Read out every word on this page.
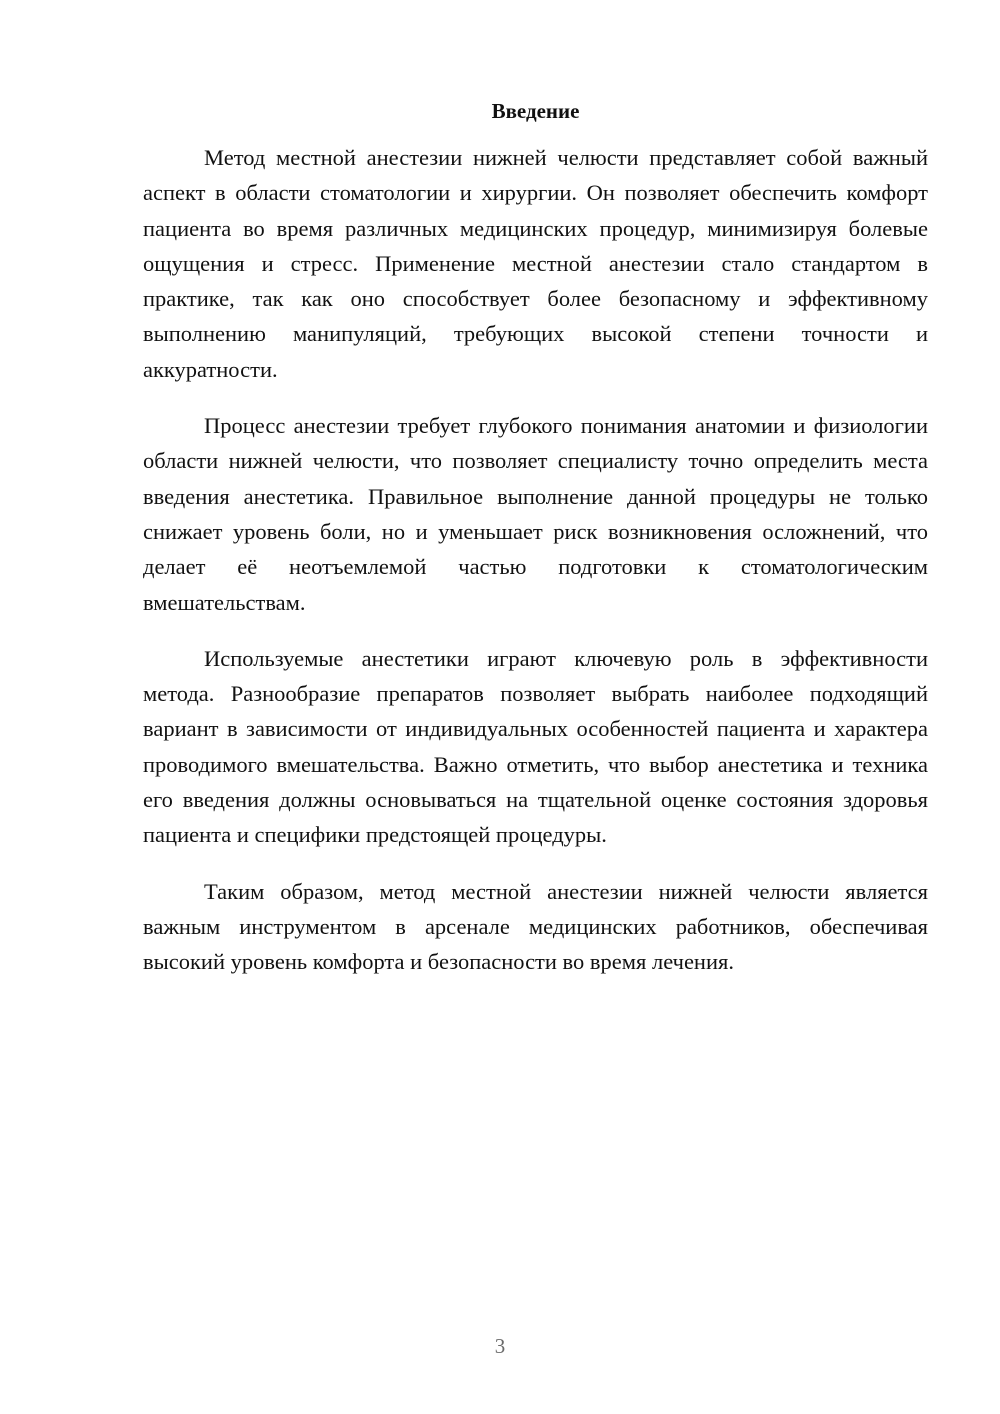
Введение

Метод местной анестезии нижней челюсти представляет собой важный аспект в области стоматологии и хирургии. Он позволяет обеспечить комфорт пациента во время различных медицинских процедур, минимизируя болевые ощущения и стресс. Применение местной анестезии стало стандартом в практике, так как оно способствует более безопасному и эффективному выполнению манипуляций, требующих высокой степени точности и аккуратности.

Процесс анестезии требует глубокого понимания анатомии и физиологии области нижней челюсти, что позволяет специалисту точно определить места введения анестетика. Правильное выполнение данной процедуры не только снижает уровень боли, но и уменьшает риск возникновения осложнений, что делает её неотъемлемой частью подготовки к стоматологическим вмешательствам.

Используемые анестетики играют ключевую роль в эффективности метода. Разнообразие препаратов позволяет выбрать наиболее подходящий вариант в зависимости от индивидуальных особенностей пациента и характера проводимого вмешательства. Важно отметить, что выбор анестетика и техника его введения должны основываться на тщательной оценке состояния здоровья пациента и специфики предстоящей процедуры.

Таким образом, метод местной анестезии нижней челюсти является важным инструментом в арсенале медицинских работников, обеспечивая высокий уровень комфорта и безопасности во время лечения.

3
